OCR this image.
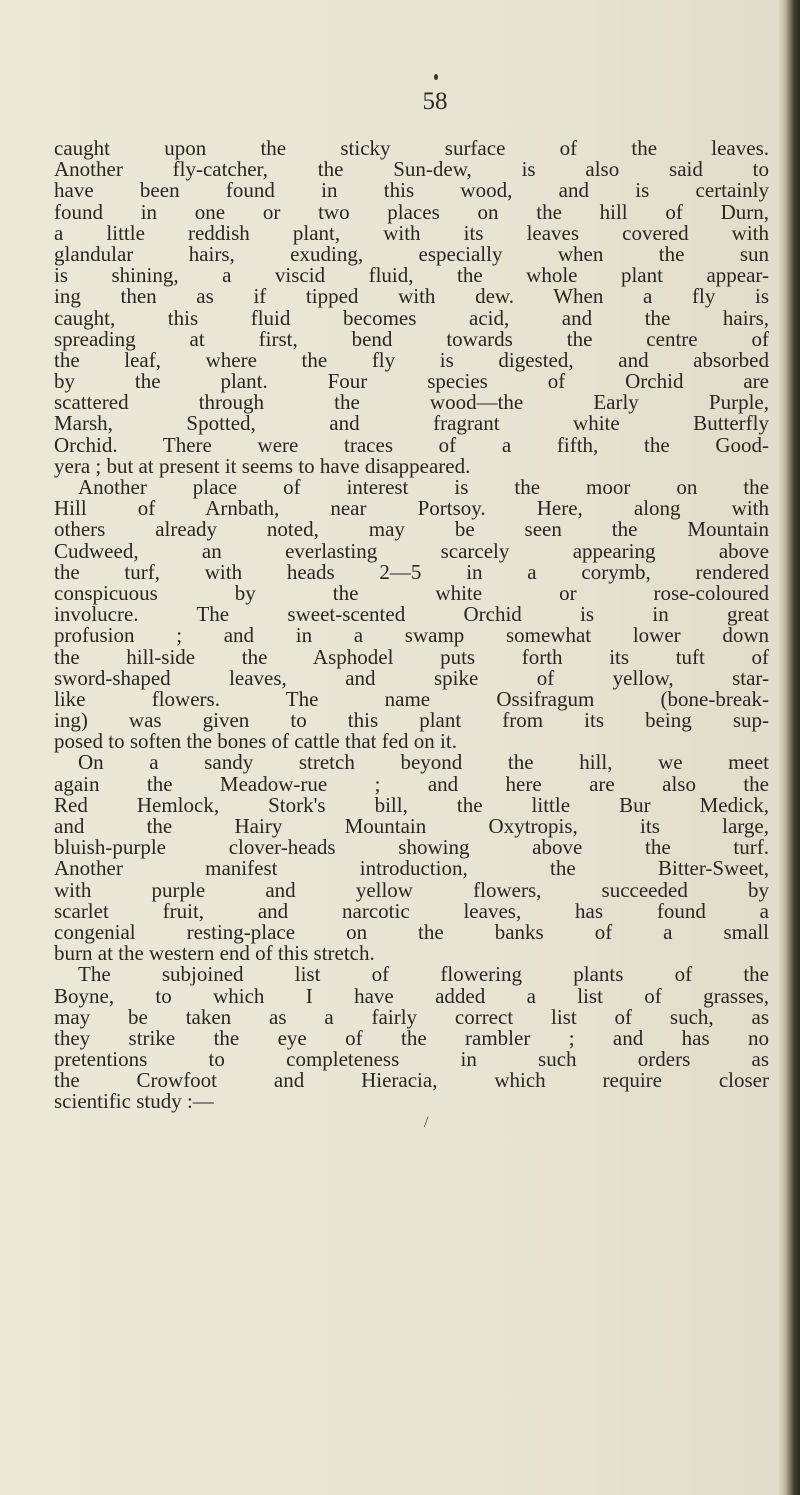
58
caught upon the sticky surface of the leaves.
Another fly-catcher, the Sun-dew, is also said to
have been found in this wood, and is certainly
found in one or two places on the hill of Durn,
a little reddish plant, with its leaves covered with
glandular hairs, exuding, especially when the sun
is shining, a viscid fluid, the whole plant appear-
ing then as if tipped with dew. When a fly is
caught, this fluid becomes acid, and the hairs,
spreading at first, bend towards the centre of
the leaf, where the fly is digested, and absorbed
by the plant. Four species of Orchid are
scattered through the wood—the Early Purple,
Marsh, Spotted, and fragrant white Butterfly
Orchid. There were traces of a fifth, the Good-
yera ; but at present it seems to have disappeared.
Another place of interest is the moor on the
Hill of Arnbath, near Portsoy. Here, along with
others already noted, may be seen the Mountain
Cudweed, an everlasting scarcely appearing above
the turf, with heads 2—5 in a corymb, rendered
conspicuous by the white or rose-coloured
involucre. The sweet-scented Orchid is in great
profusion ; and in a swamp somewhat lower down
the hill-side the Asphodel puts forth its tuft of
sword-shaped leaves, and spike of yellow, star-
like flowers. The name Ossifragum (bone-break-
ing) was given to this plant from its being sup-
posed to soften the bones of cattle that fed on it.
On a sandy stretch beyond the hill, we meet
again the Meadow-rue ; and here are also the
Red Hemlock, Stork's bill, the little Bur Medick,
and the Hairy Mountain Oxytropis, its large,
bluish-purple clover-heads showing above the turf.
Another manifest introduction, the Bitter-Sweet,
with purple and yellow flowers, succeeded by
scarlet fruit, and narcotic leaves, has found a
congenial resting-place on the banks of a small
burn at the western end of this stretch.
The subjoined list of flowering plants of the
Boyne, to which I have added a list of grasses,
may be taken as a fairly correct list of such, as
they strike the eye of the rambler ; and has no
pretentions to completeness in such orders as
the Crowfoot and Hieracia, which require closer
scientific study :—
/
